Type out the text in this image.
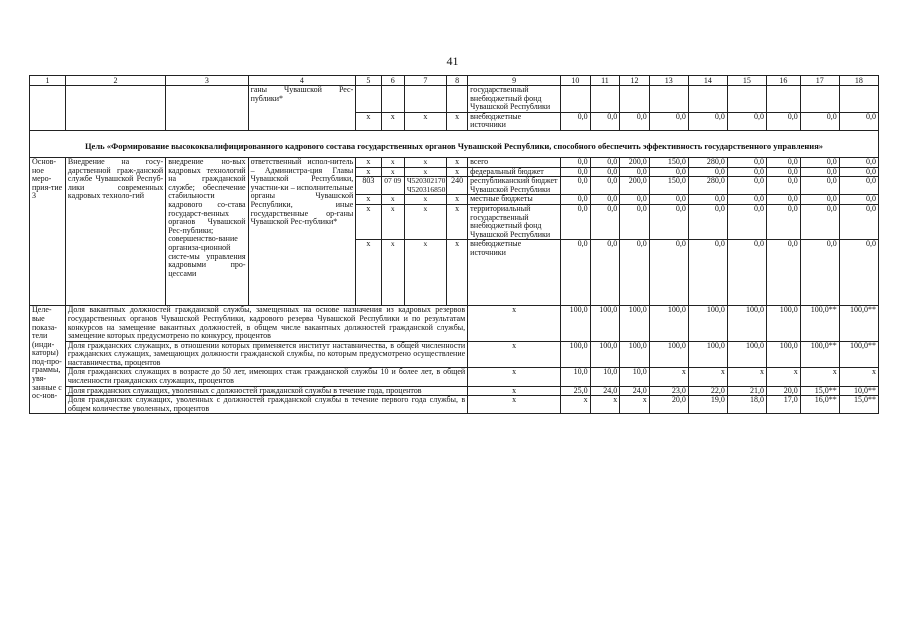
41
1	2	3	4	5	6	7	8	9	10	11	12	13	14	15	16	17	18
			ганы Чувашской Рес-публики*					государственный внебюджетный фонд Чувашской Республики									
				x	x	x	x	внебюджетные источники	0,0	0,0	0,0	0,0	0,0	0,0	0,0	0,0	0,0
Цель «Формирование высококвалифицированного кадрового состава государственных органов Чувашской Республики, способного обеспечить эффективность государственного управления»																	
Основ-ное меро-прия-тие 3	Внедрение на госу-дарственной граж-данской службе Чувашской Респуб-лики современных кадровых техноло-гий	внедрение но-вых кадровых технологий на гражданской службе; обеспечение стабильности кадрового со-става государст-венных органов Чувашской Рес-публики; совершенство-вание организа-ционной систе-мы управления кадровыми про-цессами	ответственный испол-нитель – Администра-ция Главы Чувашской Республики, участни-ки – исполнительные органы Чувашской Республики, иные государственные ор-ганы Чувашской Рес-публики*	x	x	x	x	всего	0,0	0,0	200,0	150,0	280,0	0,0	0,0	0,0	0,0
				x	x	x	x	федеральный бюджет	0,0	0,0	0,0	0,0	0,0	0,0	0,0	0,0	0,0
				803	07 09	Ч520302170 Ч520316850	240	республиканский бюджет Чувашской Республики	0,0	0,0	200,0	150,0	280,0	0,0	0,0	0,0	0,0
				x	x	x	x	местные бюджеты	0,0	0,0	0,0	0,0	0,0	0,0	0,0	0,0	0,0
				x	x	x	x	территориальный государственный внебюджетный фонд Чувашской Республики	0,0	0,0	0,0	0,0	0,0	0,0	0,0	0,0	0,0
				x	x	x	x	внебюджетные источники	0,0	0,0	0,0	0,0	0,0	0,0	0,0	0,0	0,0
Целе-вые показа-тели (инди-каторы) под-про-граммы, увя-занные с ос-нов-	Доля вакантных должностей гражданской службы, замещенных на основе назначения из кадровых резервов государственных органов Чувашской Республики, кадрового резерва Чувашской Республики и по результатам конкурсов на замещение вакантных должностей, в общем числе вакантных должностей гражданской службы, замещение которых предусмотрено по конкурсу, процентов							x	100,0	100,0	100,0	100,0	100,0	100,0	100,0	100,0**	100,0**
	Доля гражданских служащих, в отношении которых применяется институт наставничества, в общей численности гражданских служащих, замещающих должности гражданской службы, по которым предусмотрено осуществление наставничества, процентов							x	100,0	100,0	100,0	100,0	100,0	100,0	100,0	100,0**	100,0**
	Доля гражданских служащих в возрасте до 50 лет, имеющих стаж гражданской службы 10 и более лет, в общей численности гражданских служащих, процентов							x	10,0	10,0	10,0	x	x	x	x	x	x
	Доля гражданских служащих, уволенных с должностей гражданской службы в течение года, процентов							x	25,0	24,0	24,0	23,0	22,0	21,0	20,0	15,0**	10,0**
	Доля гражданских служащих, уволенных с должностей гражданской службы в течение первого года службы, в общем количестве уволенных, процентов							x	x	x	x	20,0	19,0	18,0	17,0	16,0**	15,0**
